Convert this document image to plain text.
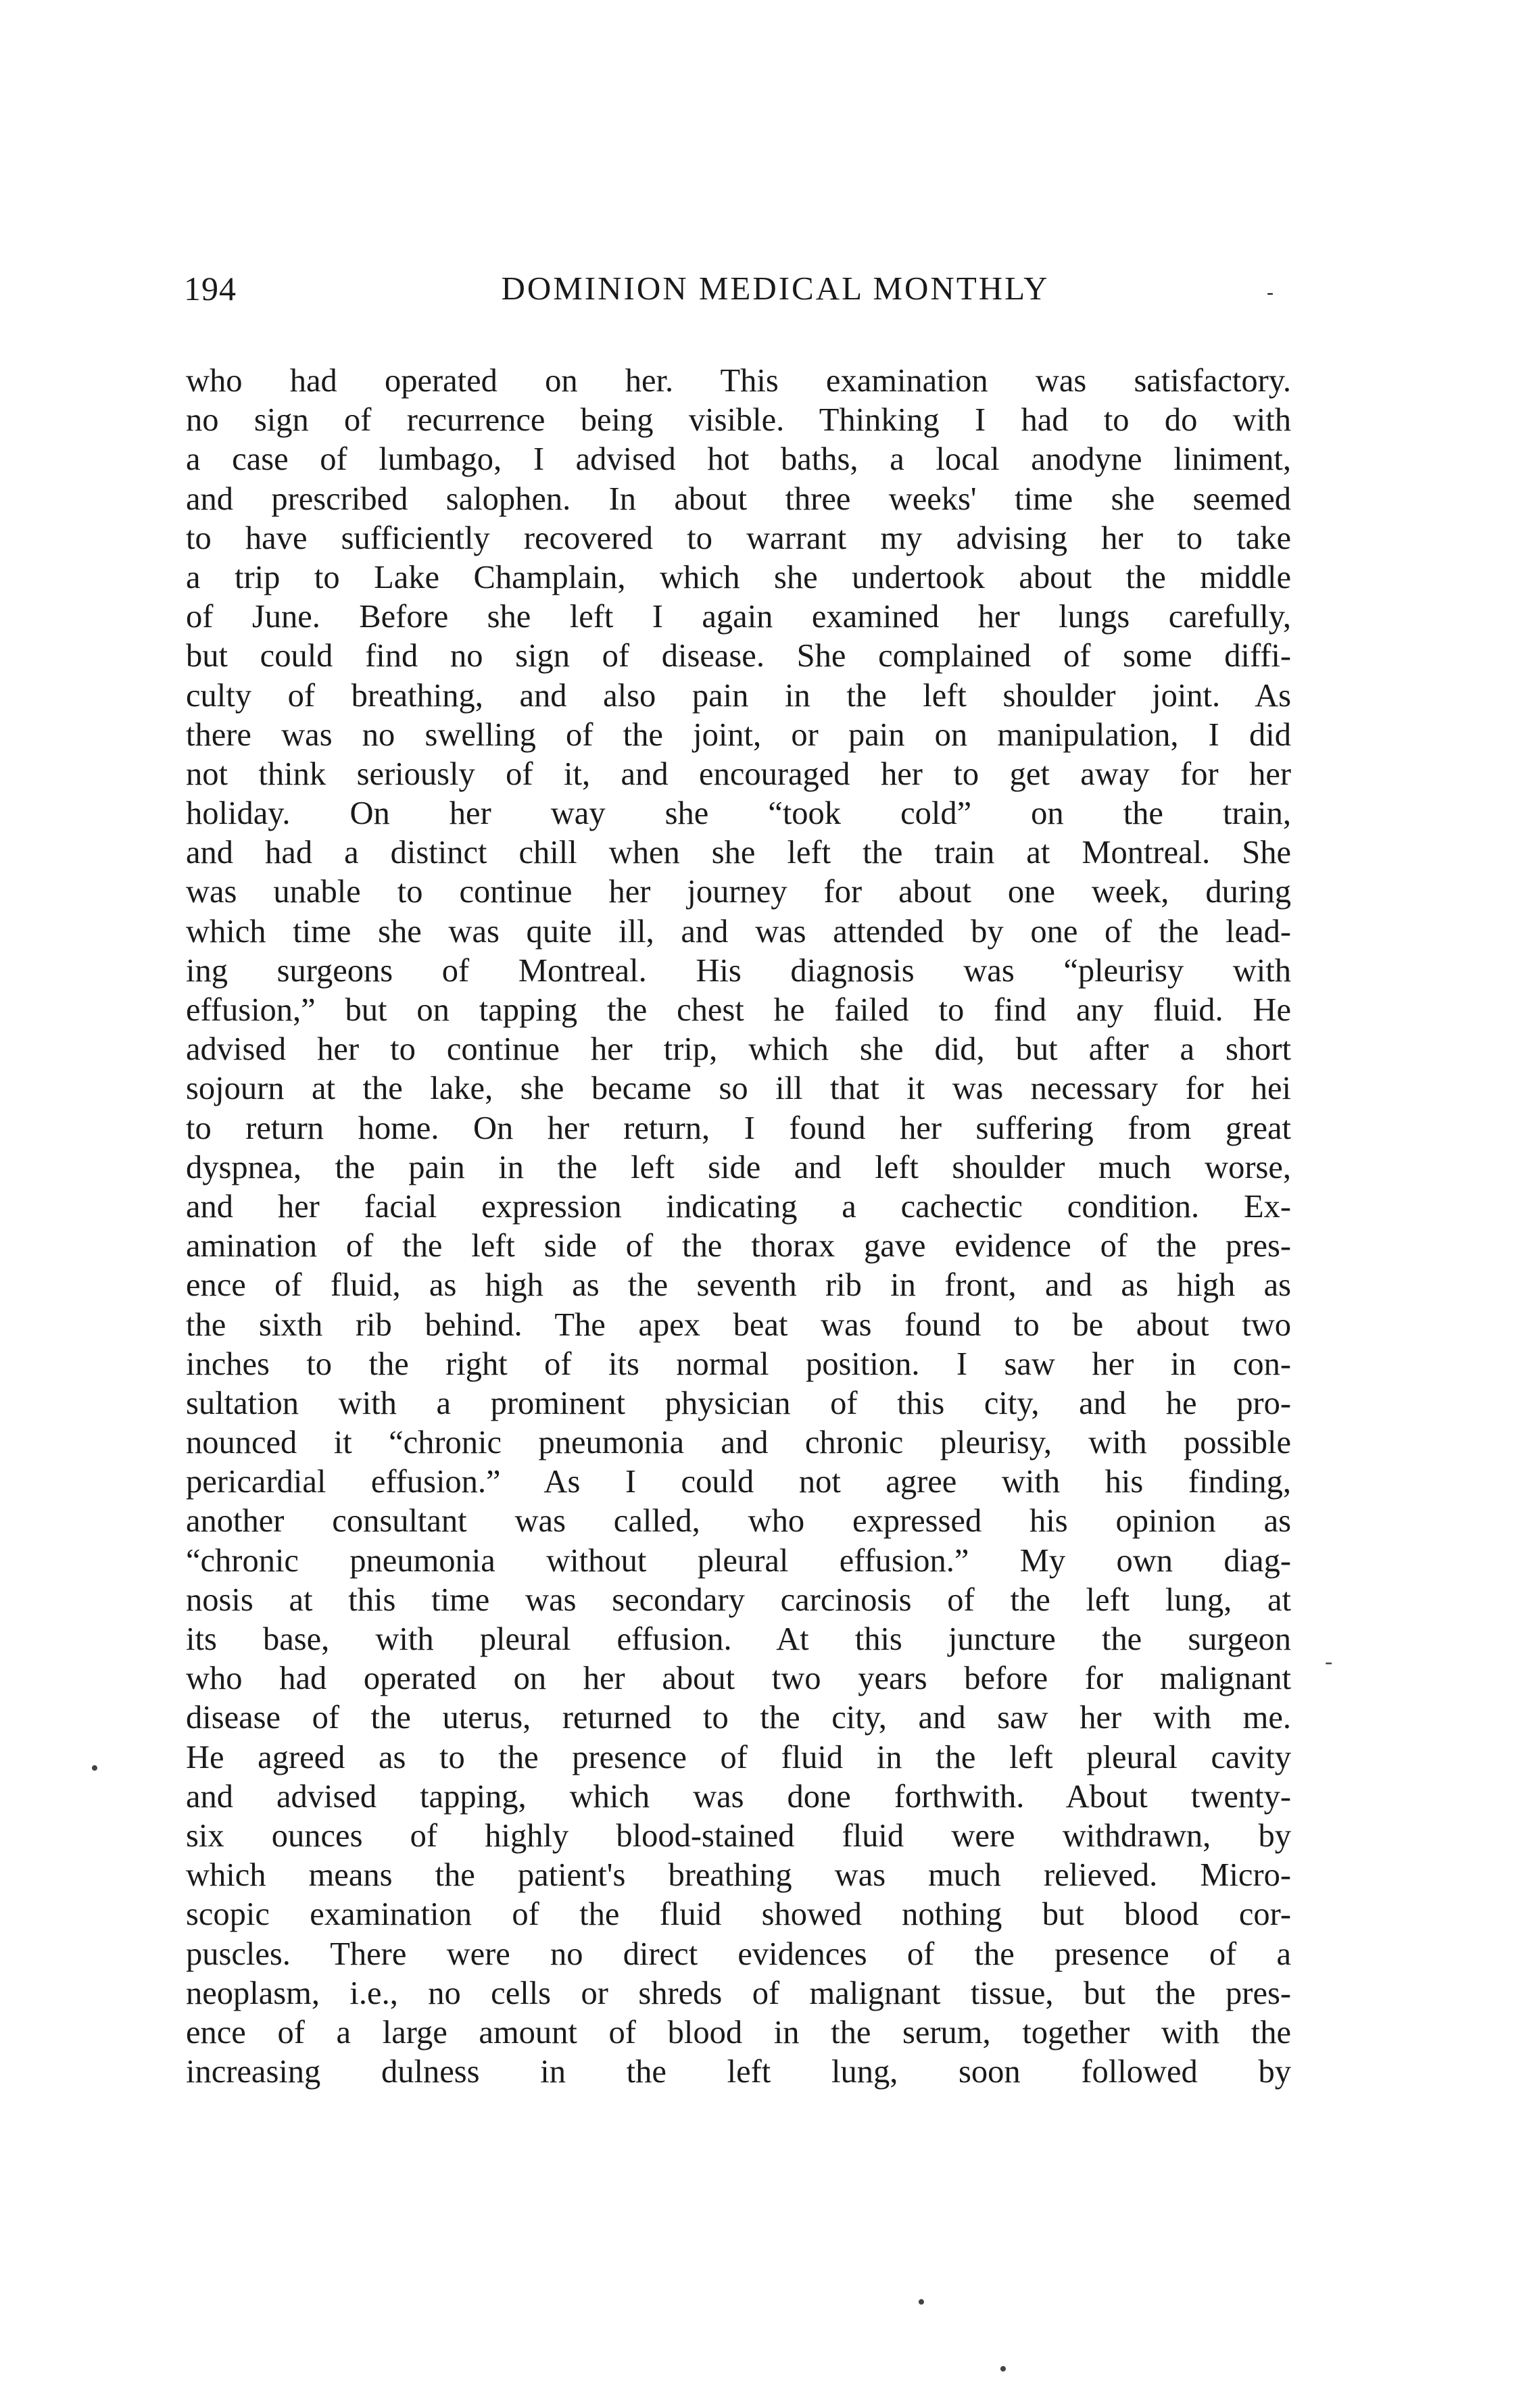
194	DOMINION MEDICAL MONTHLY	-
who had operated on her. This examination was satisfactory.
no sign of recurrence being visible. Thinking I had to do with
a case of lumbago, I advised hot baths, a local anodyne liniment,
and prescribed salophen. In about three weeks' time she seemed
to have sufficiently recovered to warrant my advising her to take
a trip to Lake Champlain, which she undertook about the middle
of June. Before she left I again examined her lungs carefully,
but could find no sign of disease. She complained of some diffi-
culty of breathing, and also pain in the left shoulder joint. As
there was no swelling of the joint, or pain on manipulation, I did
not think seriously of it, and encouraged her to get away for her
holiday. On her way she “took cold” on the train,
and had a distinct chill when she left the train at Montreal. She
was unable to continue her journey for about one week, during
which time she was quite ill, and was attended by one of the lead-
ing surgeons of Montreal. His diagnosis was “pleurisy with
effusion,” but on tapping the chest he failed to find any fluid. He
advised her to continue her trip, which she did, but after a short
sojourn at the lake, she became so ill that it was necessary for hei
to return home. On her return, I found her suffering from great
dyspnea, the pain in the left side and left shoulder much worse,
and her facial expression indicating a cachectic condition. Ex-
amination of the left side of the thorax gave evidence of the pres-
ence of fluid, as high as the seventh rib in front, and as high as
the sixth rib behind. The apex beat was found to be about two
inches to the right of its normal position. I saw her in con-
sultation with a prominent physician of this city, and he pro-
nounced it “chronic pneumonia and chronic pleurisy, with possible
pericardial effusion.” As I could not agree with his finding,
another consultant was called, who expressed his opinion as
“chronic pneumonia without pleural effusion.” My own diag-
nosis at this time was secondary carcinosis of the left lung, at
its base, with pleural effusion. At this juncture the surgeon
who had operated on her about two years before for malignant
disease of the uterus, returned to the city, and saw her with me.
He agreed as to the presence of fluid in the left pleural cavity
and advised tapping, which was done forthwith. About twenty-
six ounces of highly blood-stained fluid were withdrawn, by
which means the patient's breathing was much relieved. Micro-
scopic examination of the fluid showed nothing but blood cor-
puscles. There were no direct evidences of the presence of a
neoplasm, i.e., no cells or shreds of malignant tissue, but the pres-
ence of a large amount of blood in the serum, together with the
increasing dulness in the left lung, soon followed by
-
•
•
•
